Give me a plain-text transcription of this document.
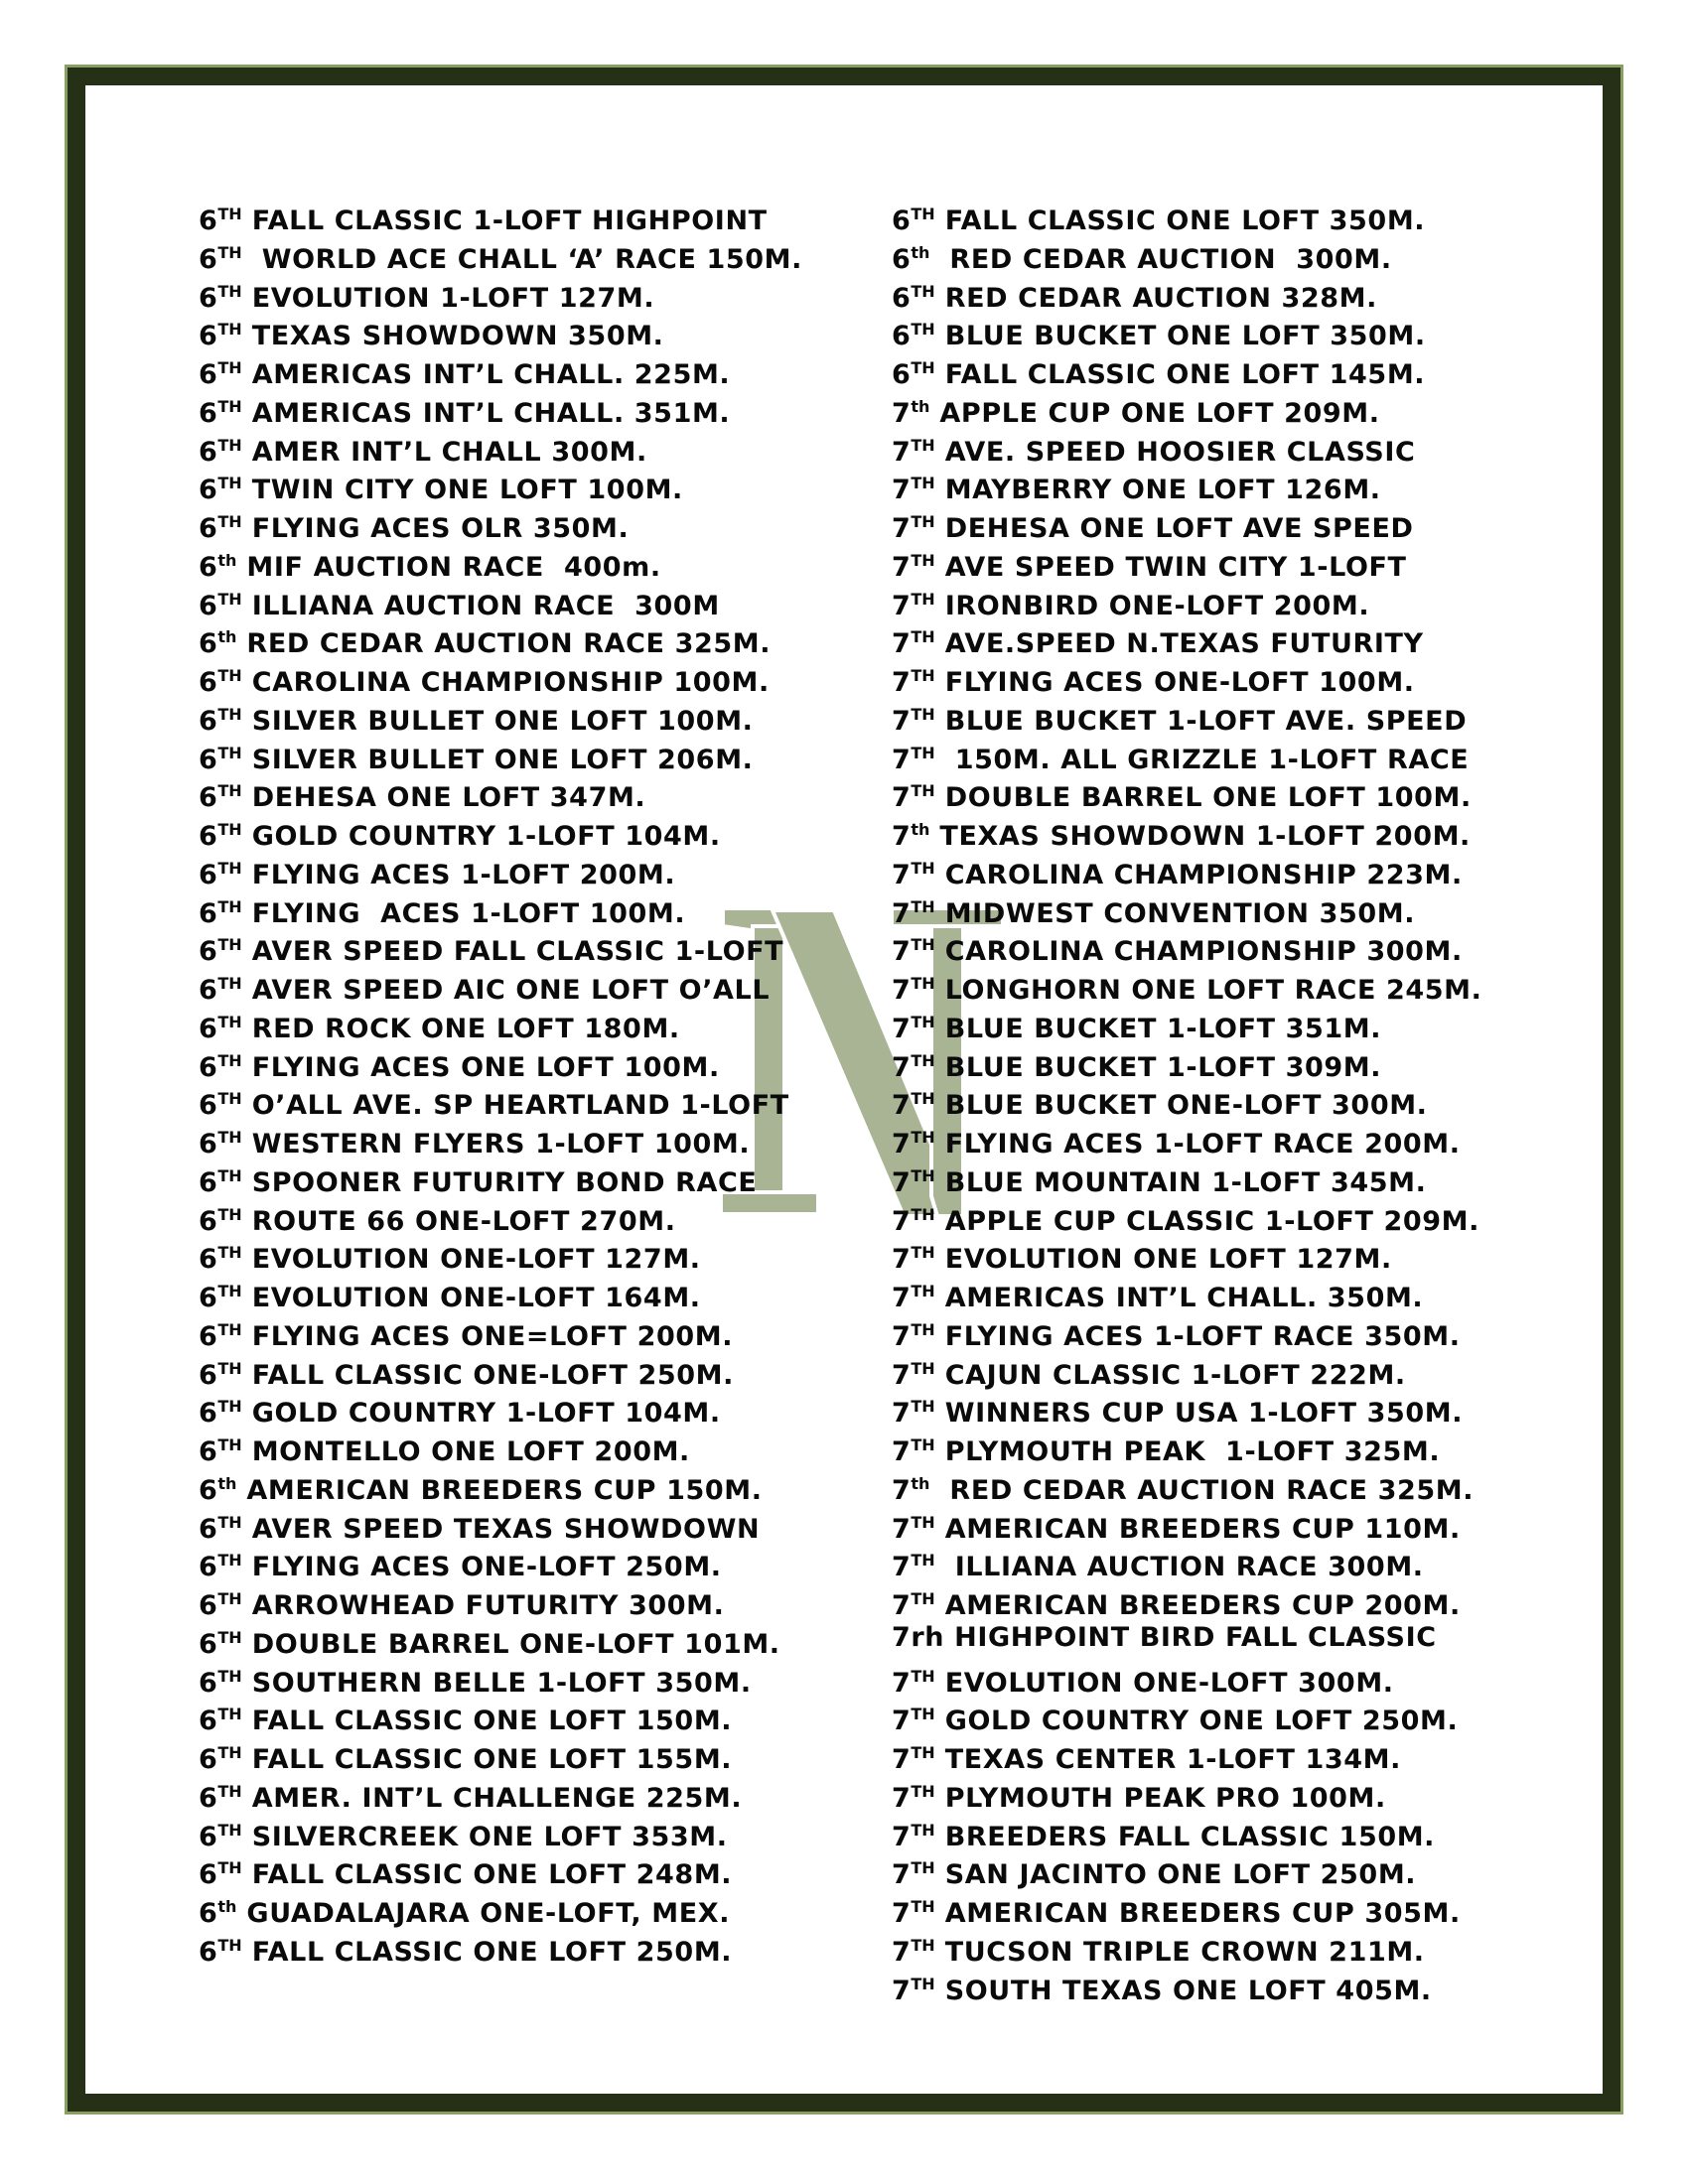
6TH FALL CLASSIC 1-LOFT HIGHPOINT
6TH  WORLD ACE CHALL ‘A’ RACE 150M.
6TH EVOLUTION 1-LOFT 127M.
6TH TEXAS SHOWDOWN 350M.
6TH AMERICAS INT’L CHALL. 225M.
6TH AMERICAS INT’L CHALL. 351M.
6TH AMER INT’L CHALL 300M.
6TH TWIN CITY ONE LOFT 100M.
6TH FLYING ACES OLR 350M.
6th MIF AUCTION RACE  400m.
6TH ILLIANA AUCTION RACE  300M
6th RED CEDAR AUCTION RACE 325M.
6TH CAROLINA CHAMPIONSHIP 100M.
6TH SILVER BULLET ONE LOFT 100M.
6TH SILVER BULLET ONE LOFT 206M.
6TH DEHESA ONE LOFT 347M.
6TH GOLD COUNTRY 1-LOFT 104M.
6TH FLYING ACES 1-LOFT 200M.
6TH FLYING  ACES 1-LOFT 100M.
6TH AVER SPEED FALL CLASSIC 1-LOFT
6TH AVER SPEED AIC ONE LOFT O’ALL
6TH RED ROCK ONE LOFT 180M.
6TH FLYING ACES ONE LOFT 100M.
6TH O’ALL AVE. SP HEARTLAND 1-LOFT
6TH WESTERN FLYERS 1-LOFT 100M.
6TH SPOONER FUTURITY BOND RACE
6TH ROUTE 66 ONE-LOFT 270M.
6TH EVOLUTION ONE-LOFT 127M.
6TH EVOLUTION ONE-LOFT 164M.
6TH FLYING ACES ONE=LOFT 200M.
6TH FALL CLASSIC ONE-LOFT 250M.
6TH GOLD COUNTRY 1-LOFT 104M.
6TH MONTELLO ONE LOFT 200M.
6th AMERICAN BREEDERS CUP 150M.
6TH AVER SPEED TEXAS SHOWDOWN
6TH FLYING ACES ONE-LOFT 250M.
6TH ARROWHEAD FUTURITY 300M.
6TH DOUBLE BARREL ONE-LOFT 101M.
6TH SOUTHERN BELLE 1-LOFT 350M.
6TH FALL CLASSIC ONE LOFT 150M.
6TH FALL CLASSIC ONE LOFT 155M.
6TH AMER. INT’L CHALLENGE 225M.
6TH SILVERCREEK ONE LOFT 353M.
6TH FALL CLASSIC ONE LOFT 248M.
6th GUADALAJARA ONE-LOFT, MEX.
6TH FALL CLASSIC ONE LOFT 250M.
6TH FALL CLASSIC ONE LOFT 350M.
6th  RED CEDAR AUCTION  300M.
6TH RED CEDAR AUCTION 328M.
6TH BLUE BUCKET ONE LOFT 350M.
6TH FALL CLASSIC ONE LOFT 145M.
7th APPLE CUP ONE LOFT 209M.
7TH AVE. SPEED HOOSIER CLASSIC
7TH MAYBERRY ONE LOFT 126M.
7TH DEHESA ONE LOFT AVE SPEED
7TH AVE SPEED TWIN CITY 1-LOFT
7TH IRONBIRD ONE-LOFT 200M.
7TH AVE.SPEED N.TEXAS FUTURITY
7TH FLYING ACES ONE-LOFT 100M.
7TH BLUE BUCKET 1-LOFT AVE. SPEED
7TH  150M. ALL GRIZZLE 1-LOFT RACE
7TH DOUBLE BARREL ONE LOFT 100M.
7th TEXAS SHOWDOWN 1-LOFT 200M.
7TH CAROLINA CHAMPIONSHIP 223M.
7TH MIDWEST CONVENTION 350M.
7TH CAROLINA CHAMPIONSHIP 300M.
7TH LONGHORN ONE LOFT RACE 245M.
7TH BLUE BUCKET 1-LOFT 351M.
7TH BLUE BUCKET 1-LOFT 309M.
7TH BLUE BUCKET ONE-LOFT 300M.
7TH FLYING ACES 1-LOFT RACE 200M.
7TH BLUE MOUNTAIN 1-LOFT 345M.
7TH APPLE CUP CLASSIC 1-LOFT 209M.
7TH EVOLUTION ONE LOFT 127M.
7TH AMERICAS INT’L CHALL. 350M.
7TH FLYING ACES 1-LOFT RACE 350M.
7TH CAJUN CLASSIC 1-LOFT 222M.
7TH WINNERS CUP USA 1-LOFT 350M.
7TH PLYMOUTH PEAK  1-LOFT 325M.
7th  RED CEDAR AUCTION RACE 325M.
7TH AMERICAN BREEDERS CUP 110M.
7TH  ILLIANA AUCTION RACE 300M.
7TH AMERICAN BREEDERS CUP 200M.
7rh HIGHPOINT BIRD FALL CLASSIC
7TH EVOLUTION ONE-LOFT 300M.
7TH GOLD COUNTRY ONE LOFT 250M.
7TH TEXAS CENTER 1-LOFT 134M.
7TH PLYMOUTH PEAK PRO 100M.
7TH BREEDERS FALL CLASSIC 150M.
7TH SAN JACINTO ONE LOFT 250M.
7TH AMERICAN BREEDERS CUP 305M.
7TH TUCSON TRIPLE CROWN 211M.
7TH SOUTH TEXAS ONE LOFT 405M.
